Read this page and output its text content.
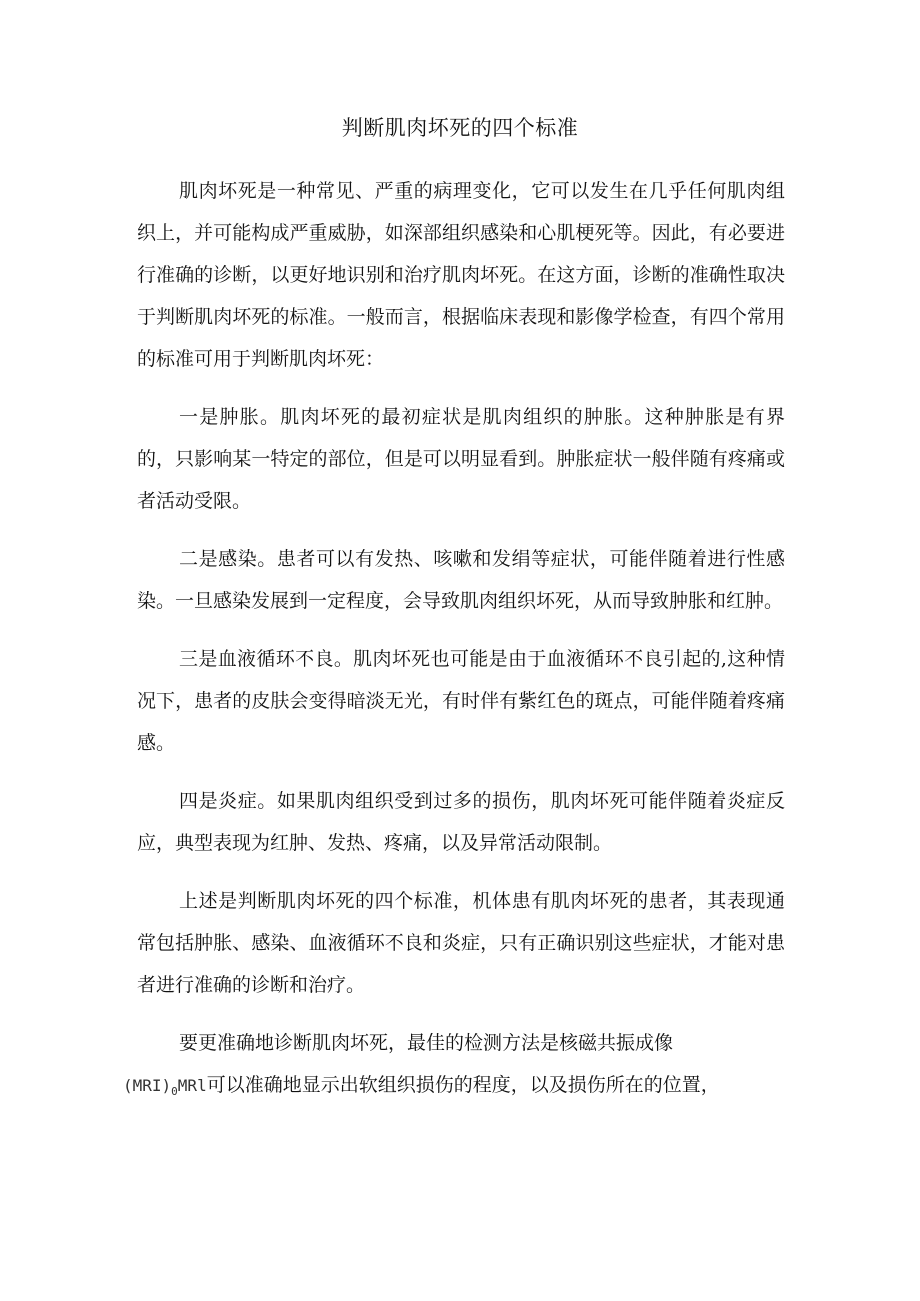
判断肌肉坏死的四个标准

肌肉坏死是一种常见、严重的病理变化，它可以发生在几乎任何肌肉组织上，并可能构成严重威胁，如深部组织感染和心肌梗死等。因此，有必要进行准确的诊断，以更好地识别和治疗肌肉坏死。在这方面，诊断的准确性取决于判断肌肉坏死的标准。一般而言，根据临床表现和影像学检查，有四个常用的标准可用于判断肌肉坏死：

一是肿胀。肌肉坏死的最初症状是肌肉组织的肿胀。这种肿胀是有界的，只影响某一特定的部位，但是可以明显看到。肿胀症状一般伴随有疼痛或者活动受限。

二是感染。患者可以有发热、咳嗽和发绢等症状，可能伴随着进行性感染。一旦感染发展到一定程度，会导致肌肉组织坏死，从而导致肿胀和红肿。

三是血液循环不良。肌肉坏死也可能是由于血液循环不良引起的,这种情况下，患者的皮肤会变得暗淡无光，有时伴有紫红色的斑点，可能伴随着疼痛感。

四是炎症。如果肌肉组织受到过多的损伤，肌肉坏死可能伴随着炎症反应，典型表现为红肿、发热、疼痛，以及异常活动限制。

上述是判断肌肉坏死的四个标准，机体患有肌肉坏死的患者，其表现通常包括肿胀、感染、血液循环不良和炎症，只有正确识别这些症状，才能对患者进行准确的诊断和治疗。

要更准确地诊断肌肉坏死，最佳的检测方法是核磁共振成像
$(MRI)_0MRl$可以准确地显示出软组织损伤的程度，以及损伤所在的位置，
